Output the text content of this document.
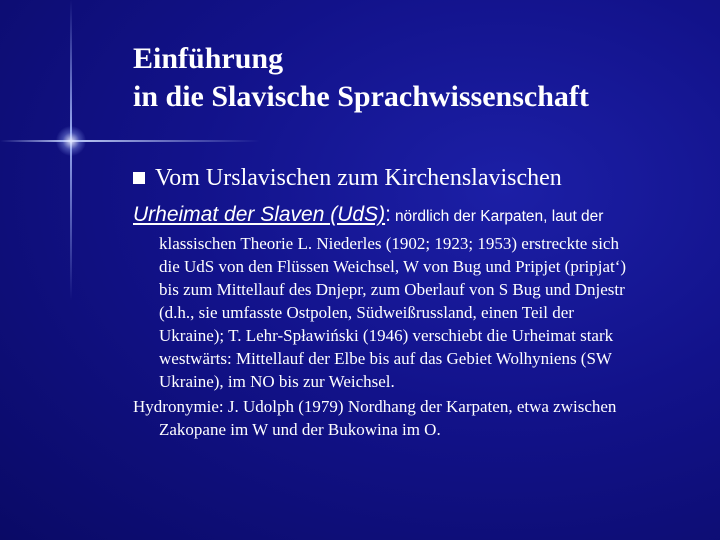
Einführung
in die Slavische Sprachwissenschaft
Vom Urslavischen zum Kirchenslavischen
Urheimat der Slaven (UdS): nördlich der Karpaten, laut der

klassischen Theorie L. Niederles (1902; 1923; 1953) erstreckte sich
die UdS von den Flüssen Weichsel, W von Bug und Pripjet (pripjat‘)
bis zum Mittellauf des Dnjepr, zum Oberlauf von S Bug und Dnjestr
(d.h., sie umfasste Ostpolen, Südweißrussland, einen Teil der
Ukraine); T. Lehr-Spławiński (1946) verschiebt die Urheimat stark
westwärts: Mittellauf der Elbe bis auf das Gebiet Wolhyniens (SW
Ukraine), im NO bis zur Weichsel.

Hydronymie: J. Udolph (1979) Nordhang der Karpaten, etwa zwischen
Zakopane im W und der Bukowina im O.
